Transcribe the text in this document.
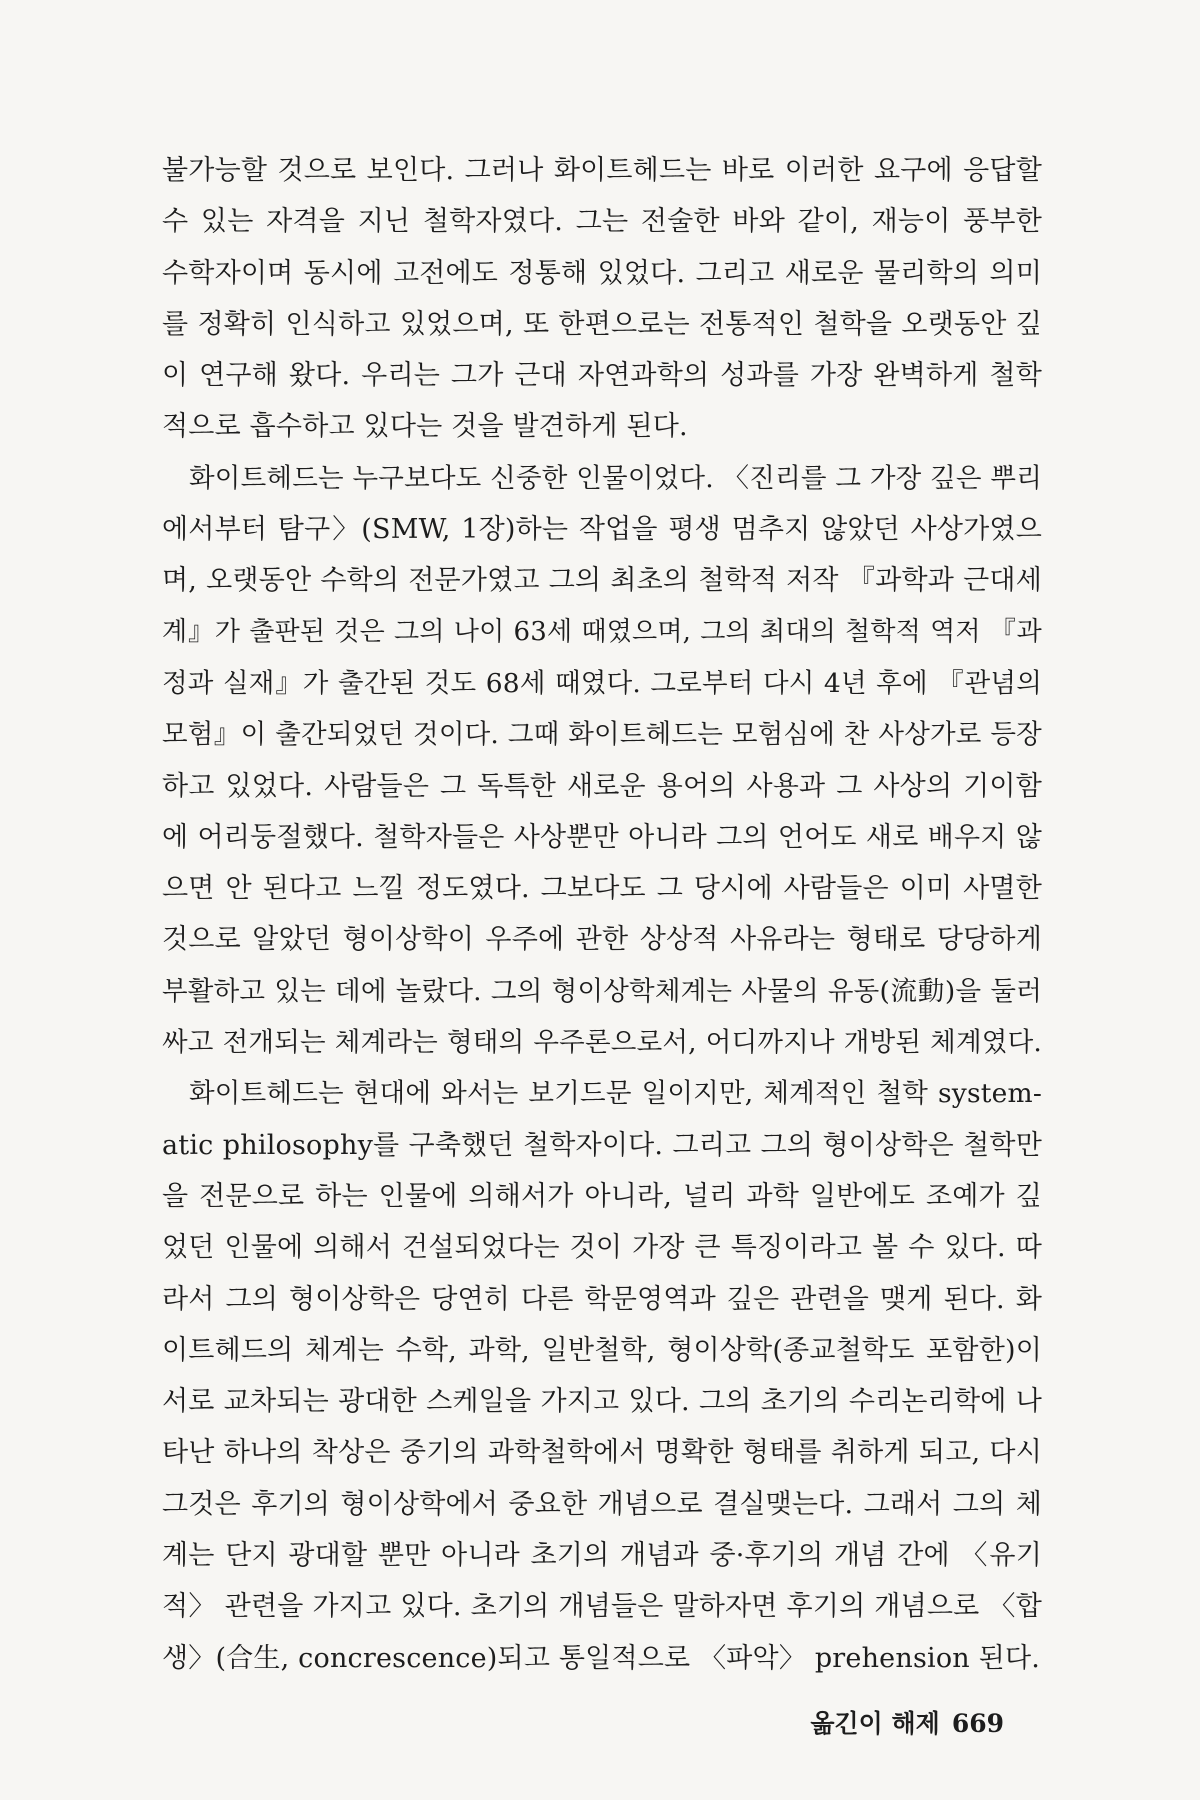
불가능할 것으로 보인다. 그러나 화이트헤드는 바로 이러한 요구에 응답할
수 있는 자격을 지닌 철학자였다. 그는 전술한 바와 같이, 재능이 풍부한
수학자이며 동시에 고전에도 정통해 있었다. 그리고 새로운 물리학의 의미
를 정확히 인식하고 있었으며, 또 한편으로는 전통적인 철학을 오랫동안 깊
이 연구해 왔다. 우리는 그가 근대 자연과학의 성과를 가장 완벽하게 철학
적으로 흡수하고 있다는 것을 발견하게 된다.
화이트헤드는 누구보다도 신중한 인물이었다. 〈진리를 그 가장 깊은 뿌리
에서부터 탐구〉(SMW, 1장)하는 작업을 평생 멈추지 않았던 사상가였으
며, 오랫동안 수학의 전문가였고 그의 최초의 철학적 저작 『과학과 근대세
계』가 출판된 것은 그의 나이 63세 때였으며, 그의 최대의 철학적 역저 『과
정과 실재』가 출간된 것도 68세 때였다. 그로부터 다시 4년 후에 『관념의
모험』이 출간되었던 것이다. 그때 화이트헤드는 모험심에 찬 사상가로 등장
하고 있었다. 사람들은 그 독특한 새로운 용어의 사용과 그 사상의 기이함
에 어리둥절했다. 철학자들은 사상뿐만 아니라 그의 언어도 새로 배우지 않
으면 안 된다고 느낄 정도였다. 그보다도 그 당시에 사람들은 이미 사멸한
것으로 알았던 형이상학이 우주에 관한 상상적 사유라는 형태로 당당하게
부활하고 있는 데에 놀랐다. 그의 형이상학체계는 사물의 유동(流動)을 둘러
싸고 전개되는 체계라는 형태의 우주론으로서, 어디까지나 개방된 체계였다.
화이트헤드는 현대에 와서는 보기드문 일이지만, 체계적인 철학 system-
atic philosophy를 구축했던 철학자이다. 그리고 그의 형이상학은 철학만
을 전문으로 하는 인물에 의해서가 아니라, 널리 과학 일반에도 조예가 깊
었던 인물에 의해서 건설되었다는 것이 가장 큰 특징이라고 볼 수 있다. 따
라서 그의 형이상학은 당연히 다른 학문영역과 깊은 관련을 맺게 된다. 화
이트헤드의 체계는 수학, 과학, 일반철학, 형이상학(종교철학도 포함한)이
서로 교차되는 광대한 스케일을 가지고 있다. 그의 초기의 수리논리학에 나
타난 하나의 착상은 중기의 과학철학에서 명확한 형태를 취하게 되고, 다시
그것은 후기의 형이상학에서 중요한 개념으로 결실맺는다. 그래서 그의 체
계는 단지 광대할 뿐만 아니라 초기의 개념과 중·후기의 개념 간에 〈유기
적〉 관련을 가지고 있다. 초기의 개념들은 말하자면 후기의 개념으로 〈합
생〉(合生, concrescence)되고 통일적으로 〈파악〉 prehension 된다.
옮긴이 해제 669
